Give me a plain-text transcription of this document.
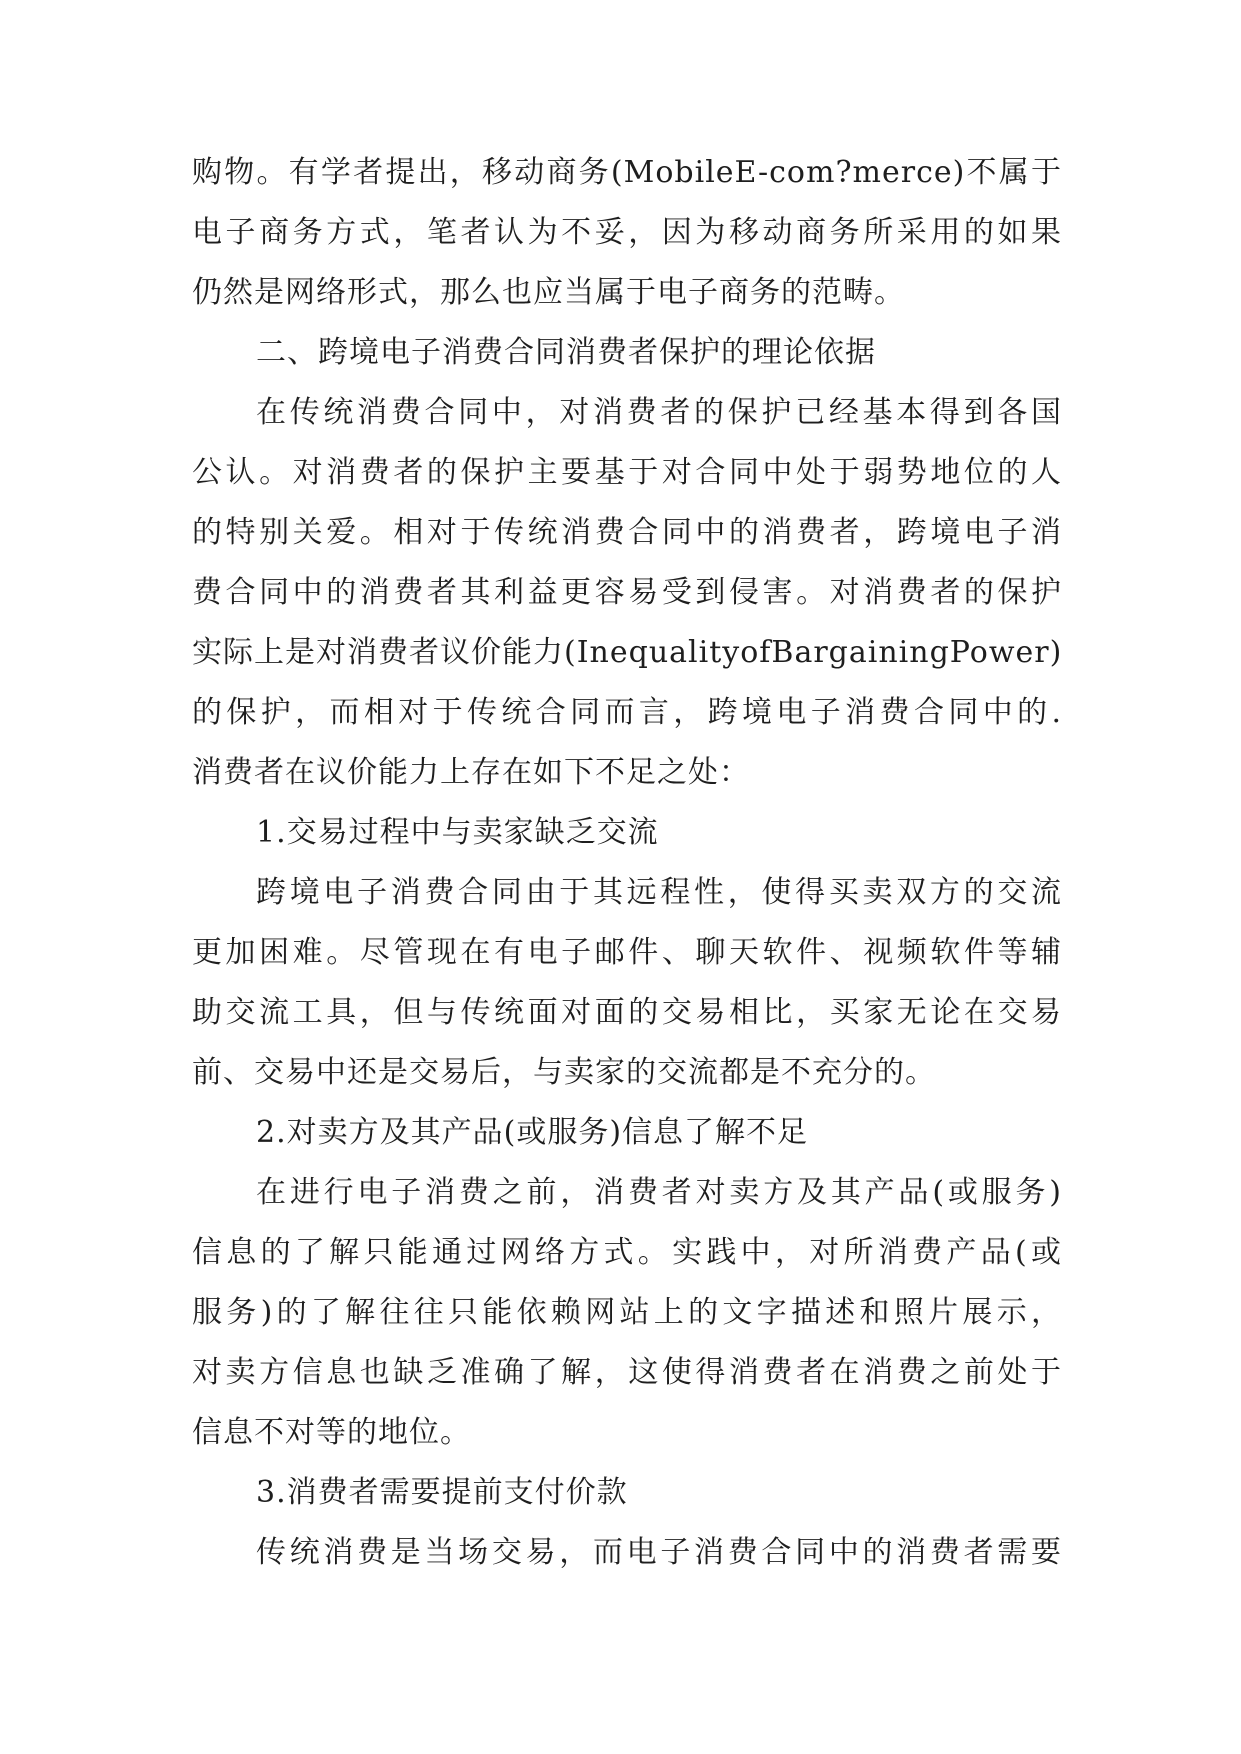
购物。有学者提出，移动商务(MobileE-com?merce)不属于
电子商务方式，笔者认为不妥，因为移动商务所采用的如果
仍然是网络形式，那么也应当属于电子商务的范畴。
二、跨境电子消费合同消费者保护的理论依据
在传统消费合同中，对消费者的保护已经基本得到各国
公认。对消费者的保护主要基于对合同中处于弱势地位的人
的特别关爱。相对于传统消费合同中的消费者，跨境电子消
费合同中的消费者其利益更容易受到侵害。对消费者的保护
实际上是对消费者议价能力(InequalityofBargainingPower)
的保护，而相对于传统合同而言，跨境电子消费合同中的.
消费者在议价能力上存在如下不足之处：
1.交易过程中与卖家缺乏交流
跨境电子消费合同由于其远程性，使得买卖双方的交流
更加困难。尽管现在有电子邮件、聊天软件、视频软件等辅
助交流工具，但与传统面对面的交易相比，买家无论在交易
前、交易中还是交易后，与卖家的交流都是不充分的。
2.对卖方及其产品(或服务)信息了解不足
在进行电子消费之前，消费者对卖方及其产品(或服务)
信息的了解只能通过网络方式。实践中，对所消费产品(或
服务)的了解往往只能依赖网站上的文字描述和照片展示，
对卖方信息也缺乏准确了解，这使得消费者在消费之前处于
信息不对等的地位。
3.消费者需要提前支付价款
传统消费是当场交易，而电子消费合同中的消费者需要
